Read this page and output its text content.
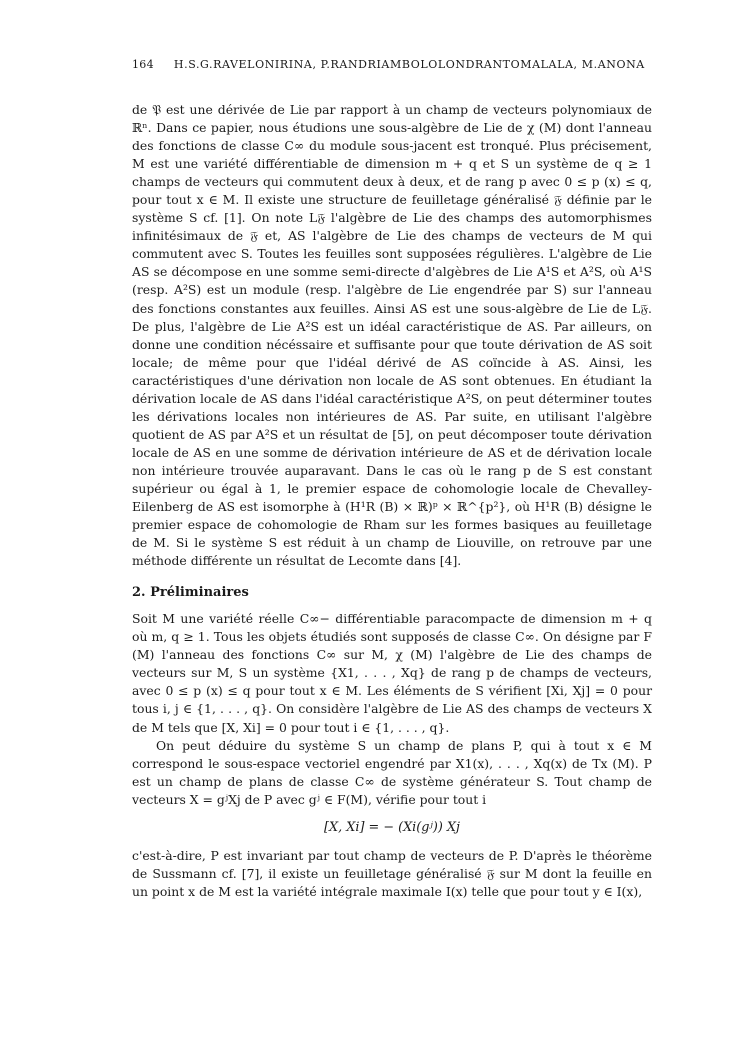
164 H.S.G.RAVELONIRINA, P.RANDRIAMBOLOLONDRANTOMALALA, M.ANONA

de 𝔓 est une dérivée de Lie par rapport à un champ de vecteurs polynomiaux de ℝⁿ. Dans ce papier, nous étudions une sous-algèbre de Lie de χ (M) dont l'anneau des fonctions de classe C∞ du module sous-jacent est tronqué. Plus précisement, M est une variété différentiable de dimension m + q et S un système de q ≥ 1 champs de vecteurs qui commutent deux à deux, et de rang p avec 0 ≤ p (x) ≤ q, pour tout x ∈ M. Il existe une structure de feuilletage généralisé 𝔉 définie par le système S cf. [1]. On note L𝔉 l'algèbre de Lie des champs des automorphismes infinitésimaux de 𝔉 et, AS l'algèbre de Lie des champs de vecteurs de M qui commutent avec S. Toutes les feuilles sont supposées régulières. L'algèbre de Lie AS se décompose en une somme semi-directe d'algèbres de Lie A¹S et A²S, où A¹S (resp. A²S) est un module (resp. l'algèbre de Lie engendrée par S) sur l'anneau des fonctions constantes aux feuilles. Ainsi AS est une sous-algèbre de Lie de L𝔉. De plus, l'algèbre de Lie A²S est un idéal caractéristique de AS. Par ailleurs, on donne une condition nécéssaire et suffisante pour que toute dérivation de AS soit locale; de même pour que l'idéal dérivé de AS coïncide à AS. Ainsi, les caractéristiques d'une dérivation non locale de AS sont obtenues. En étudiant la dérivation locale de AS dans l'idéal caractéristique A²S, on peut déterminer toutes les dérivations locales non intérieures de AS. Par suite, en utilisant l'algèbre quotient de AS par A²S et un résultat de [5], on peut décomposer toute dérivation locale de AS en une somme de dérivation intérieure de AS et de dérivation locale non intérieure trouvée auparavant. Dans le cas où le rang p de S est constant supérieur ou égal à 1, le premier espace de cohomologie locale de Chevalley-Eilenberg de AS est isomorphe à (H¹R (B) × ℝ)ᵖ × ℝ^{p²}, où H¹R (B) désigne le premier espace de cohomologie de Rham sur les formes basiques au feuilletage de M. Si le système S est réduit à un champ de Liouville, on retrouve par une méthode différente un résultat de Lecomte dans [4].

2. Préliminaires

Soit M une variété réelle C∞− différentiable paracompacte de dimension m + q où m, q ≥ 1. Tous les objets étudiés sont supposés de classe C∞. On désigne par F (M) l'anneau des fonctions C∞ sur M, χ (M) l'algèbre de Lie des champs de vecteurs sur M, S un système {X1, . . . , Xq} de rang p de champs de vecteurs, avec 0 ≤ p (x) ≤ q pour tout x ∈ M. Les éléments de S vérifient [Xi, Xj] = 0 pour tous i, j ∈ {1, . . . , q}. On considère l'algèbre de Lie AS des champs de vecteurs X de M tels que [X, Xi] = 0 pour tout i ∈ {1, . . . , q}.

On peut déduire du système S un champ de plans P, qui à tout x ∈ M correspond le sous-espace vectoriel engendré par X1(x), . . . , Xq(x) de Tx (M). P est un champ de plans de classe C∞ de système générateur S. Tout champ de vecteurs X = gʲXj de P avec gʲ ∈ F(M), vérifie pour tout i

[X, Xi] = − (Xi(gʲ)) Xj

c'est-à-dire, P est invariant par tout champ de vecteurs de P. D'après le théorème de Sussmann cf. [7], il existe un feuilletage généralisé 𝔉 sur M dont la feuille en un point x de M est la variété intégrale maximale I(x) telle que pour tout y ∈ I(x),
